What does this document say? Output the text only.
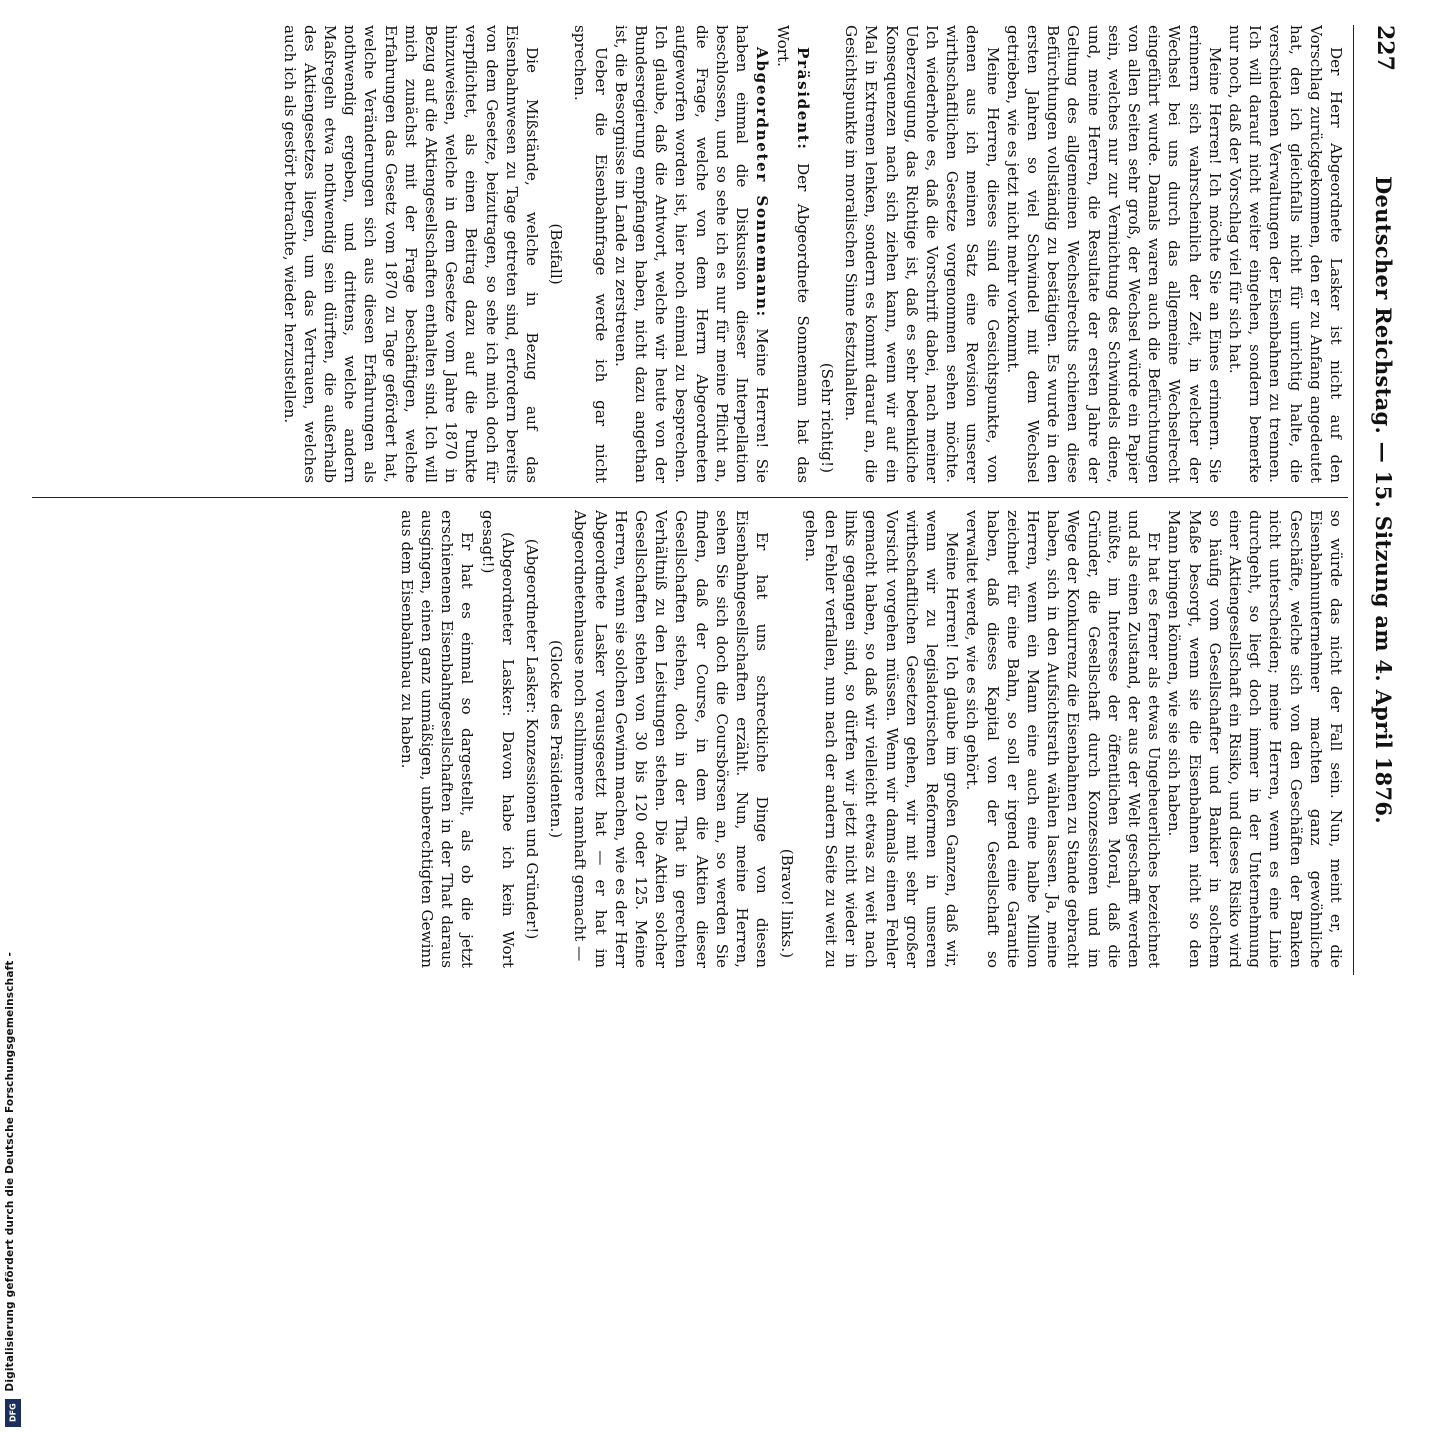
227
Deutscher Reichstag. — 15. Sitzung am 4. April 1876.

Der Herr Abgeordnete Lasker ist nicht auf den Vorschlag zurückgekommen, den er zu Anfang angedeutet hat, den ich gleichfalls nicht für unrichtig halte, die verschiedenen Verwaltungen der Eisenbahnen zu trennen. Ich will darauf nicht weiter eingehen, sondern bemerke nur noch, daß der Vorschlag viel für sich hat.

Meine Herren! Ich möchte Sie an Eines erinnern. Sie erinnern sich wahrscheinlich der Zeit, in welcher der Wechsel bei uns durch das allgemeine Wechselrecht eingeführt wurde. Damals waren auch die Befürchtungen von allen Seiten sehr groß, der Wechsel würde ein Papier sein, welches nur zur Vernichtung des Schwindels diene, und, meine Herren, die Resultate der ersten Jahre der Geltung des allgemeinen Wechselrechts schienen diese Befürchtungen vollständig zu bestätigen. Es wurde in den ersten Jahren so viel Schwindel mit dem Wechsel getrieben, wie es jetzt nicht mehr vorkommt.

Meine Herren, dieses sind die Gesichtspunkte, von denen aus ich meinen Satz eine Revision unserer wirthschaftlichen Gesetze vorgenommen sehen möchte. Ich wiederhole es, daß die Vorschrift dabei, nach meiner Ueberzeugung, das Richtige ist, daß es sehr bedenkliche Konsequenzen nach sich ziehen kann, wenn wir auf ein Mal in Extremen lenken, sondern es kommt darauf an, die Gesichtspunkte im moralischen Sinne festzuhalten.

(Sehr richtig!)

Präsident: Der Abgeordnete Sonnemann hat das Wort.

Abgeordneter Sonnemann: Meine Herren! Sie haben einmal die Diskussion dieser Interpellation beschlossen, und so sehe ich es nur für meine Pflicht an, die Frage, welche von dem Herrn Abgeordneten aufgeworfen worden ist, hier noch einmal zu besprechen. Ich glaube, daß die Antwort, welche wir heute von der Bundesregierung empfangen haben, nicht dazu angethan ist, die Besorgnisse im Lande zu zerstreuen.

Ueber die Eisenbahnfrage werde ich gar nicht sprechen.

(Beifall)

Die Mißstände, welche in Bezug auf das Eisenbahnwesen zu Tage getreten sind, erfordern bereits von dem Gesetze, beizutragen, so sehe ich mich doch für verpflichtet, als einen Beitrag dazu auf die Punkte hinzuweisen, welche in dem Gesetze vom Jahre 1870 in Bezug auf die Aktiengesellschaften enthalten sind. Ich will mich zunächst mit der Frage beschäftigen, welche Erfahrungen das Gesetz vom 1870 zu Tage gefördert hat, welche Veränderungen sich aus diesen Erfahrungen als nothwendig ergeben, und drittens, welche andern Maßregeln etwa nothwendig sein dürften, die außerhalb des Aktiengesetzes liegen, um das Vertrauen, welches auch ich als gestört betrachte, wieder herzustellen.

so würde das nicht der Fall sein. Nun, meint er, die Eisenbahnunternehmer machten ganz gewöhnliche Geschäfte, welche sich von den Geschäften der Banken nicht unterscheiden; meine Herren, wenn es eine Linie durchgeht, so liegt doch immer in der Unternehmung einer Aktiengesellschaft ein Risiko, und dieses Risiko wird so häufig vom Gesellschafter und Bankier in solchem Maße besorgt, wenn sie die Eisenbahnen nicht so den Mann bringen können, wie sie sich haben.

Er hat es ferner als etwas Ungeheuerliches bezeichnet und als einen Zustand, der aus der Welt geschafft werden müßte, im Interesse der öffentlichen Moral, daß die Gründer, die Gesellschaft durch Konzessionen und im Wege der Konkurrenz die Eisenbahnen zu Stande gebracht haben, sich in den Aufsichtsrath wählen lassen. Ja, meine Herren, wenn ein Mann eine auch eine halbe Million zeichnet für eine Bahn, so soll er irgend eine Garantie haben, daß dieses Kapital von der Gesellschaft so verwaltet werde, wie es sich gehört.

Meine Herren! Ich glaube im großen Ganzen, daß wir, wenn wir zu legislatorischen Reformen in unseren wirthschaftlichen Gesetzen gehen, wir mit sehr großer Vorsicht vorgehen müssen. Wenn wir damals einen Fehler gemacht haben, so daß wir vielleicht etwas zu weit nach links gegangen sind, so dürfen wir jetzt nicht wieder in den Fehler verfallen, nun nach der andern Seite zu weit zu gehen.

(Bravo! links.)

Er hat uns schreckliche Dinge von diesen Eisenbahngesellschaften erzählt. Nun, meine Herren, sehen Sie sich doch die Coursbörsen an, so werden Sie finden, daß der Course, in dem die Aktien dieser Gesellschaften stehen, doch in der That in gerechten Verhältniß zu den Leistungen stehen. Die Aktien solcher Gesellschaften stehen von 30 bis 120 oder 125. Meine Herren, wenn sie solchen Gewinn machen, wie es der Herr Abgeordnete Lasker vorausgesetzt hat — er hat im Abgeordnetenhause noch schlimmere namhaft gemacht —

(Glocke des Präsidenten.)

(Abgeordneter Lasker: Konzessionen und Gründer!)

(Abgeordneter Lasker: Davon habe ich kein Wort gesagt!)

Er hat es einmal so dargestellt, als ob die jetzt erschienenen Eisenbahngesellschaften in der That daraus ausgingen, einen ganz unmäßigen, unberechtigten Gewinn aus dem Eisenbahnbau zu haben.

Digitalisierung gefördert durch die Deutsche Forschungsgemeinschaft -
DFG
